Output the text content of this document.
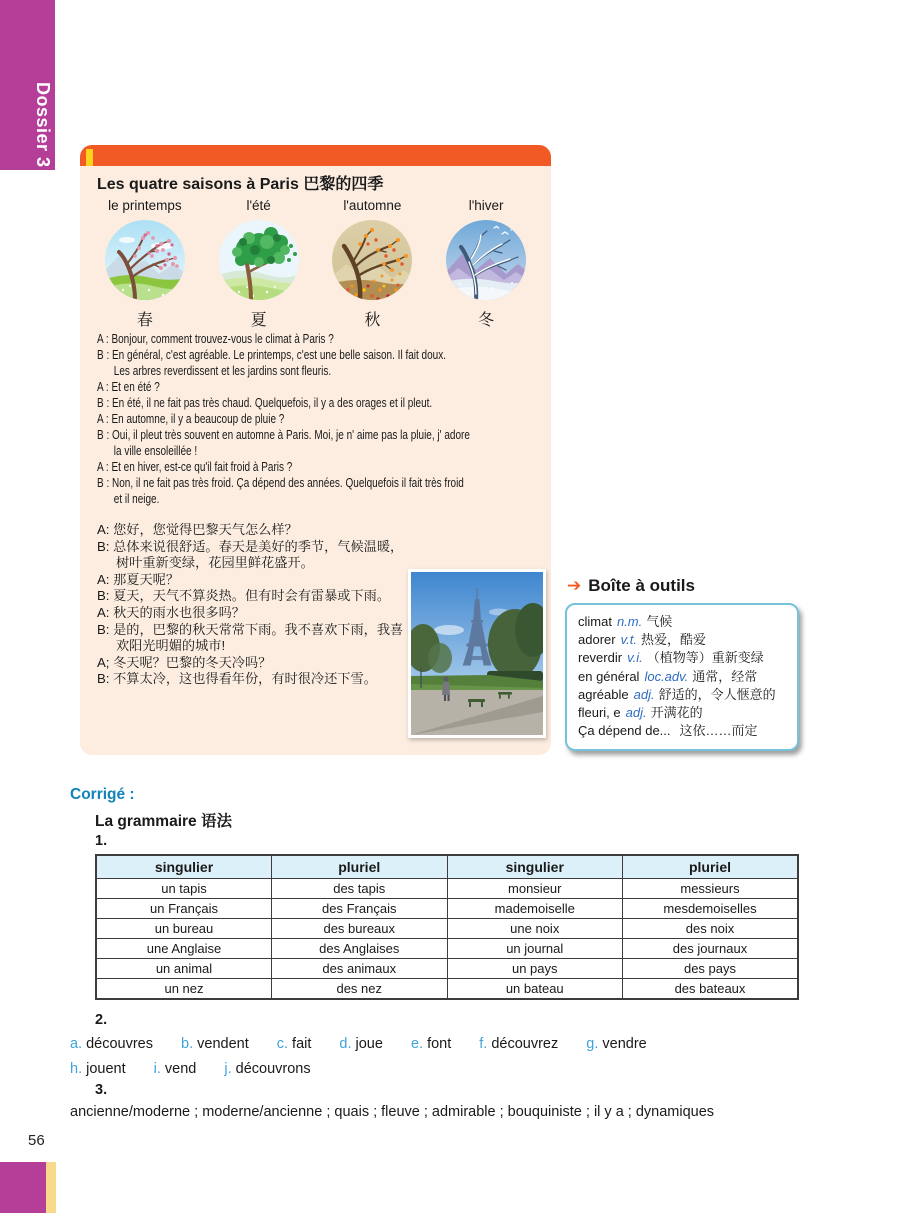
Dossier 3
Les quatre saisons à Paris 巴黎的四季
le printemps
春
l'été
夏
l'automne
秋
l'hiver
冬
A : Bonjour, comment trouvez-vous le climat à Paris ?
B : En général, c'est agréable. Le printemps, c'est une belle saison. Il fait doux.
Les arbres reverdissent et les jardins sont fleuris.
A : Et en été ?
B : En été, il ne fait pas très chaud. Quelquefois, il y a des orages et il pleut.
A : En automne, il y a beaucoup de pluie ?
B : Oui, il pleut très souvent en automne à Paris. Moi, je n' aime pas la pluie, j' adore
la ville ensoleillée !
A : Et en hiver, est-ce qu'il fait froid à Paris ?
B : Non, il ne fait pas très froid. Ça dépend des années. Quelquefois il fait très froid
et il neige.
A: 您好，您觉得巴黎天气怎么样？
B: 总体来说很舒适。春天是美好的季节，气候温暖，
树叶重新变绿，花园里鲜花盛开。
A: 那夏天呢？
B: 夏天，天气不算炎热。但有时会有雷暴或下雨。
A: 秋天的雨水也很多吗？
B: 是的，巴黎的秋天常常下雨。我不喜欢下雨，我喜
欢阳光明媚的城市!
A; 冬天呢？巴黎的冬天冷吗？
B: 不算太冷，这也得看年份，有时很冷还下雪。
➔ Boîte à outils
climat n.m. 气候
adorer v.t. 热爱，酷爱
reverdir v.i. （植物等）重新变绿
en général loc.adv. 通常，经常
agréable adj. 舒适的，令人惬意的
fleuri, e adj. 开满花的
Ça dépend de... 这依……而定
Corrigé :
La grammaire 语法
1.
singulier	pluriel	singulier	pluriel
un tapis	des tapis	monsieur	messieurs
un Français	des Français	mademoiselle	mesdemoiselles
un bureau	des bureaux	une noix	des noix
une Anglaise	des Anglaises	un journal	des journaux
un animal	des animaux	un pays	des pays
un nez	des nez	un bateau	des bateaux
2.
a. découvres b. vendent c. fait d. joue e. font f. découvrez g. vendre
h. jouent i. vend j. découvrons
3.
ancienne/moderne ; moderne/ancienne ; quais ; fleuve ; admirable ; bouquiniste ; il y a ; dynamiques
56
